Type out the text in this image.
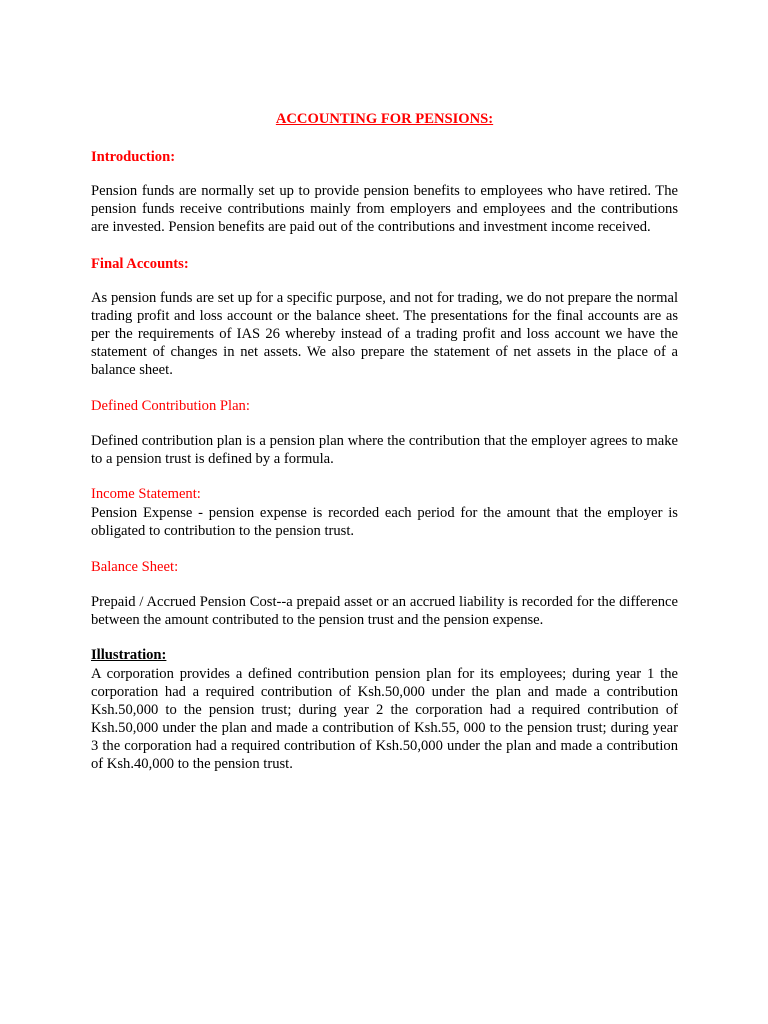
ACCOUNTING FOR PENSIONS:
Introduction:

Pension funds are normally set up to provide pension benefits to employees who have retired. The pension funds receive contributions mainly from employers and employees and the contributions are invested. Pension benefits are paid out of the contributions and investment income received.

Final Accounts:

As pension funds are set up for a specific purpose, and not for trading, we do not prepare the normal trading profit and loss account or the balance sheet. The presentations for the final accounts are as per the requirements of IAS 26 whereby instead of a trading profit and loss account we have the statement of changes in net assets. We also prepare the statement of net assets in the place of a balance sheet.

Defined Contribution Plan:

Defined contribution plan is a pension plan where the contribution that the employer agrees to make to a pension trust is defined by a formula.

Income Statement:

Pension Expense - pension expense is recorded each period for the amount that the employer is obligated to contribution to the pension trust.

Balance Sheet:

Prepaid / Accrued Pension Cost--a prepaid asset or an accrued liability is recorded for the difference between the amount contributed to the pension trust and the pension expense.

Illustration:

A corporation provides a defined contribution pension plan for its employees; during year 1 the corporation had a required contribution of Ksh.50,000 under the plan and made a contribution Ksh.50,000 to the pension trust; during year 2 the corporation had a required contribution of Ksh.50,000 under the plan and made a contribution of Ksh.55, 000 to the pension trust; during year 3 the corporation had a required contribution of Ksh.50,000 under the plan and made a contribution of Ksh.40,000 to the pension trust.
